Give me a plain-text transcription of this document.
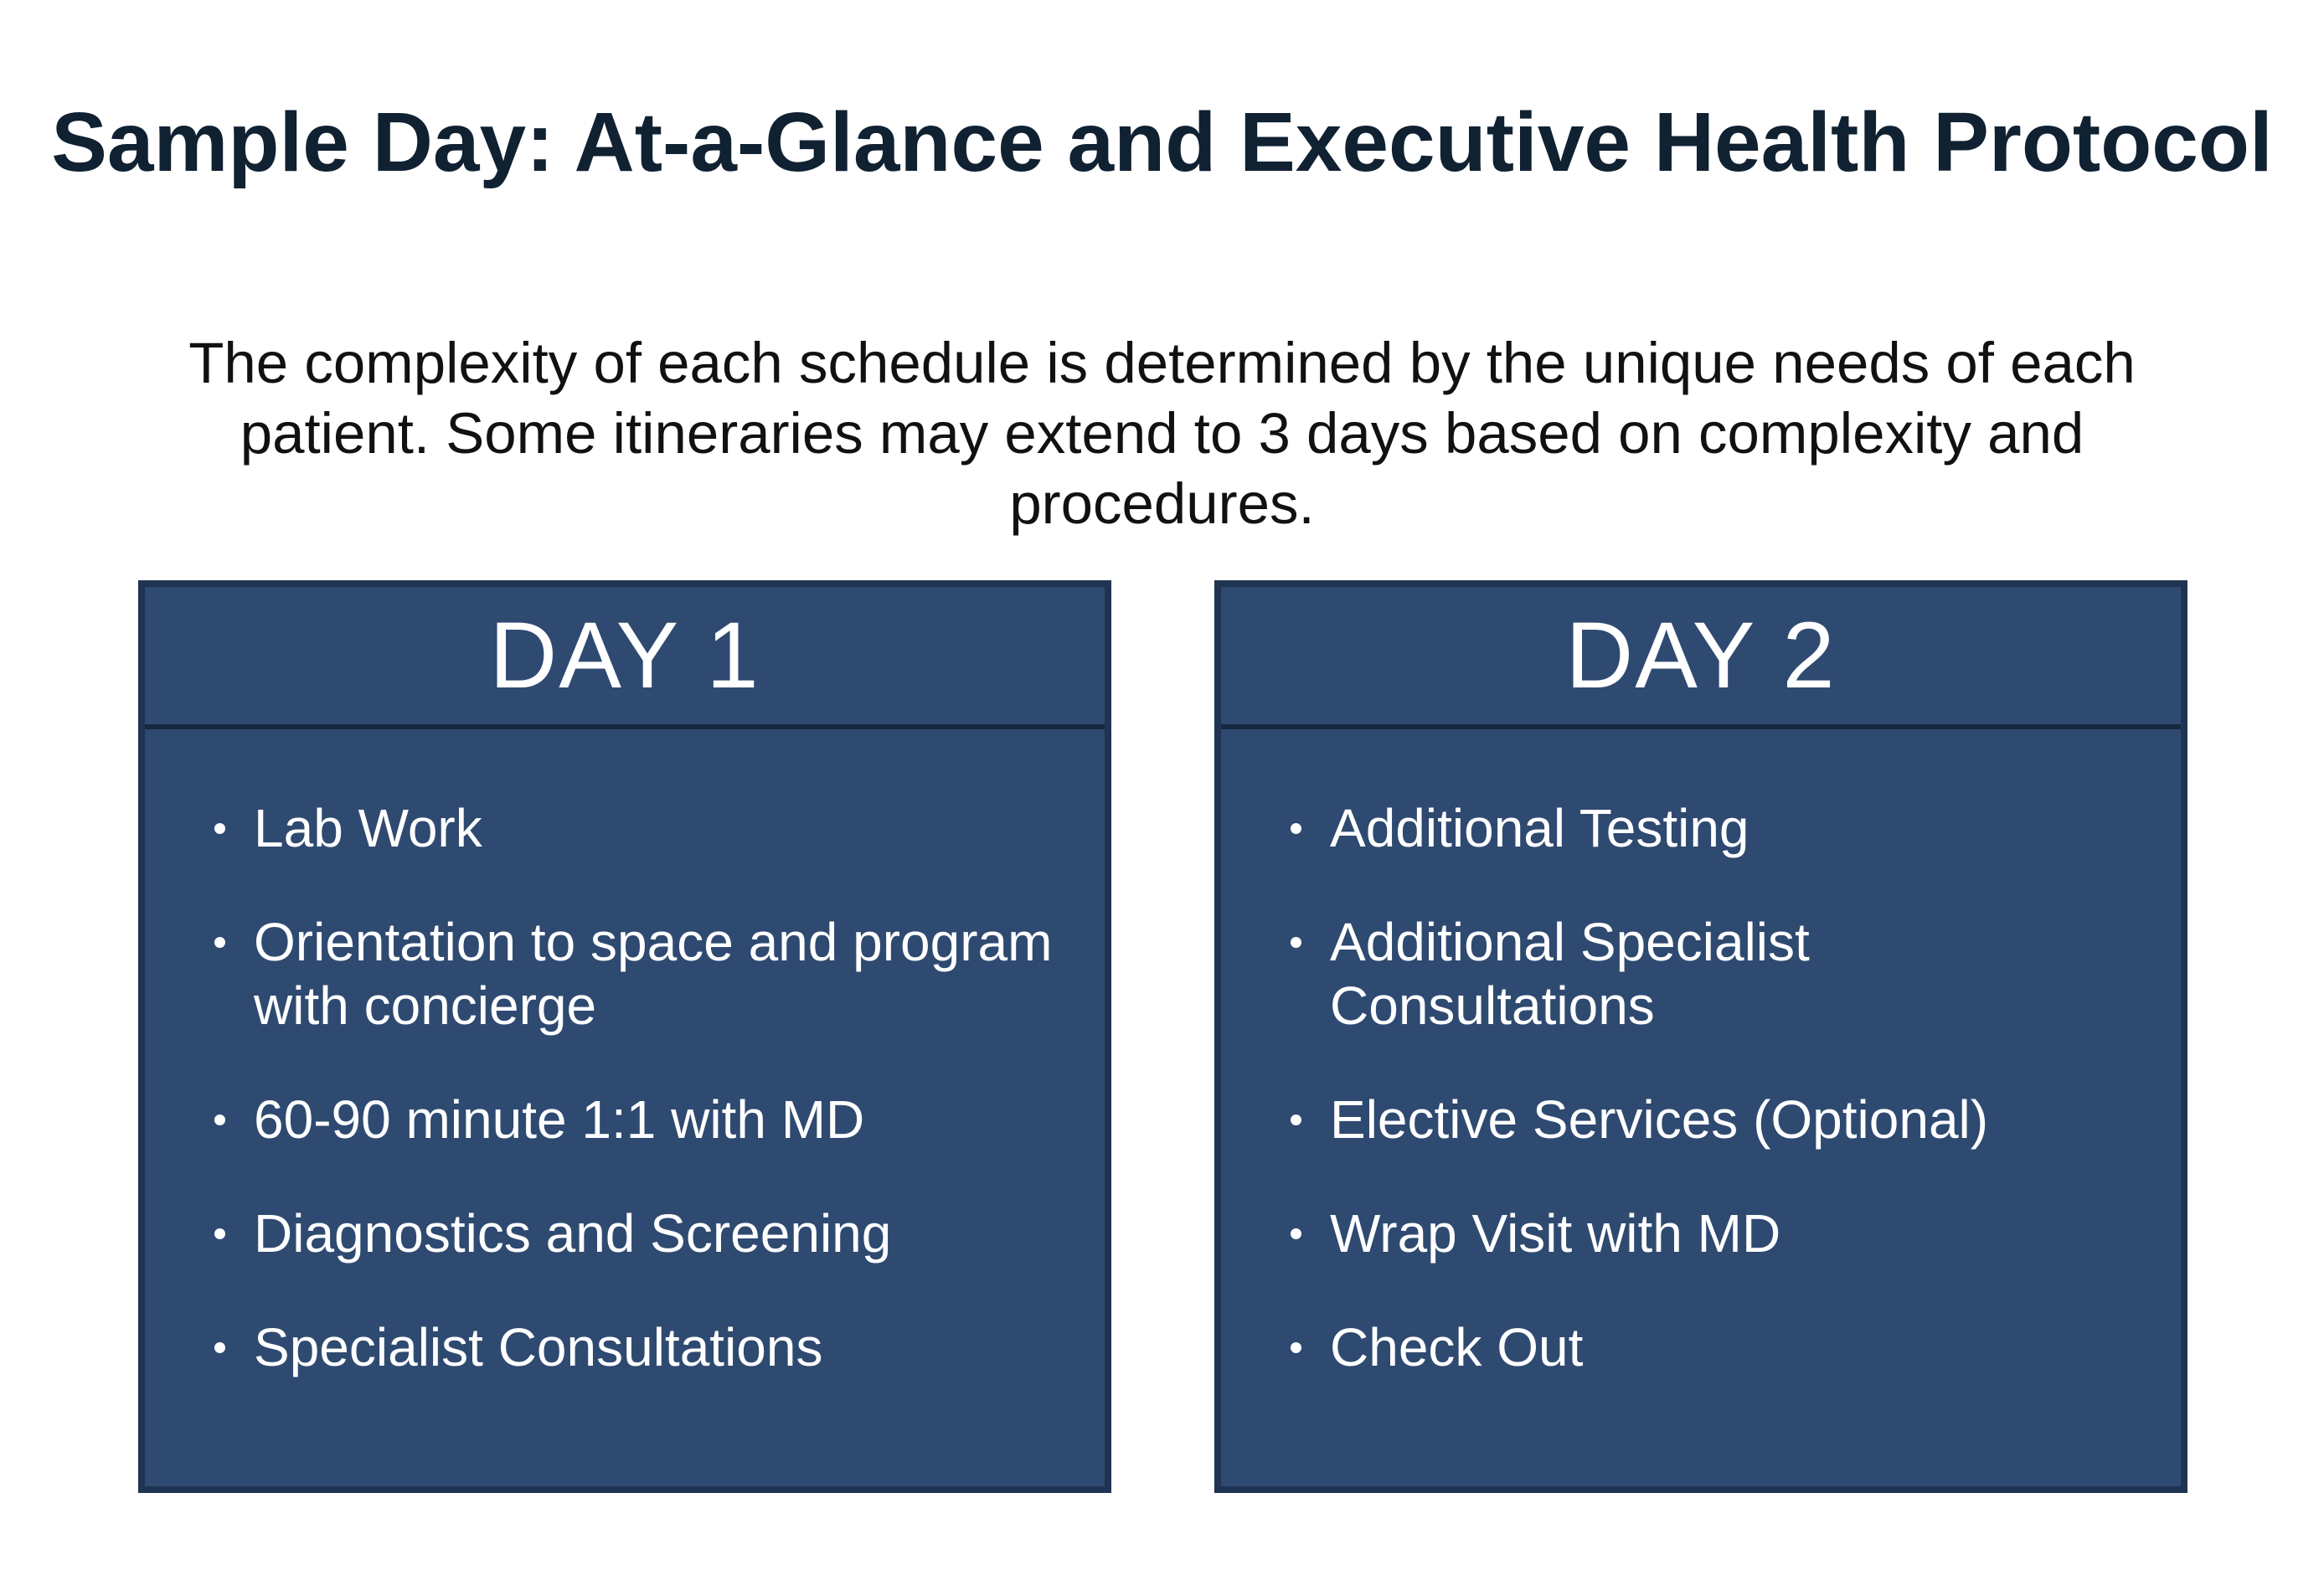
Sample Day: At-a-Glance and Executive Health Protocol

The complexity of each schedule is determined by the unique needs of each patient. Some itineraries may extend to 3 days based on complexity and procedures.

DAY 1
Lab Work
Orientation to space and program with concierge
60-90 minute 1:1 with MD
Diagnostics and Screening
Specialist Consultations
DAY 2
Additional Testing
Additional Specialist Consultations
Elective Services (Optional)
Wrap Visit with MD
Check Out
